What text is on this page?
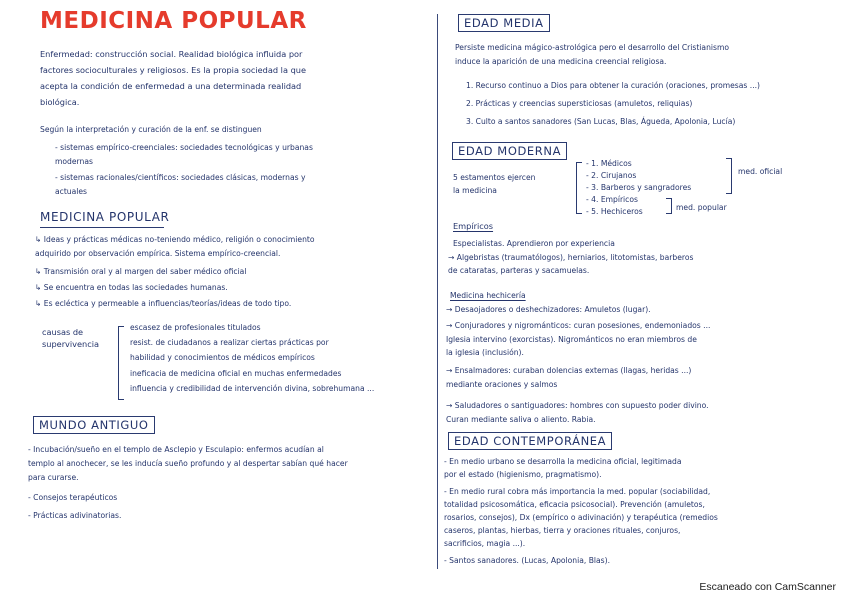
MEDICINA POPULAR
Enfermedad: construcción social. Realidad biológica influida por
factores socioculturales y religiosos. Es la propia sociedad la que
acepta la condición de enfermedad a una determinada realidad
biológica.
Según la interpretación y curación de la enf. se distinguen
- sistemas empírico-creenciales: sociedades tecnológicas y urbanas
modernas
- sistemas racionales/científicos: sociedades clásicas, modernas y
actuales
MEDICINA POPULAR
↳ Ideas y prácticas médicas no-teniendo médico, religión o conocimiento
adquirido por observación empírica. Sistema empírico-creencial.
↳ Transmisión oral y al margen del saber médico oficial
↳ Se encuentra en todas las sociedades humanas.
↳ Es ecléctica y permeable a influencias/teorías/ideas de todo tipo.
causas de supervivencia
escasez de profesionales titulados
resist. de ciudadanos a realizar ciertas prácticas por
habilidad y conocimientos de médicos empíricos
ineficacia de medicina oficial en muchas enfermedades
influencia y credibilidad de intervención divina, sobrehumana ...
MUNDO ANTIGUO
- Incubación/sueño en el templo de Asclepio y Esculapio: enfermos acudían al
templo al anochecer, se les inducía sueño profundo y al despertar sabían qué hacer
para curarse.
- Consejos terapéuticos
- Prácticas adivinatorias.
EDAD MEDIA
Persiste medicina mágico-astrológica pero el desarrollo del Cristianismo
induce la aparición de una medicina creencial religiosa.
1. Recurso continuo a Dios para obtener la curación (oraciones, promesas ...)
2. Prácticas y creencias supersticiosas (amuletos, reliquias)
3. Culto a santos sanadores (San Lucas, Blas, Águeda, Apolonia, Lucía)
EDAD MODERNA
5 estamentos ejercen
la medicina
- 1. Médicos
- 2. Cirujanos
- 3. Barberos y sangradores
- 4. Empíricos
- 5. Hechiceros
med. oficial
med. popular
Empíricos
Especialistas. Aprendieron por experiencia
→ Algebristas (traumatólogos), herniarios, litotomistas, barberos
de cataratas, parteras y sacamuelas.
Medicina hechicería
→ Desaojadores o deshechizadores: Amuletos (lugar).
→ Conjuradores y nigrománticos: curan posesiones, endemoniados ...
Iglesia intervino (exorcistas). Nigrománticos no eran miembros de
la iglesia (inclusión).
→ Ensalmadores: curaban dolencias externas (llagas, heridas ...)
mediante oraciones y salmos
→ Saludadores o santiguadores: hombres con supuesto poder divino.
Curan mediante saliva o aliento. Rabia.
EDAD CONTEMPORÁNEA
- En medio urbano se desarrolla la medicina oficial, legitimada
por el estado (higienismo, pragmatismo).
- En medio rural cobra más importancia la med. popular (sociabilidad,
totalidad psicosomática, eficacia psicosocial). Prevención (amuletos,
rosarios, consejos), Dx (empírico o adivinación) y terapéutica (remedios
caseros, plantas, hierbas, tierra y oraciones rituales, conjuros,
sacrificios, magia ...).
- Santos sanadores. (Lucas, Apolonia, Blas).
Escaneado con CamScanner
